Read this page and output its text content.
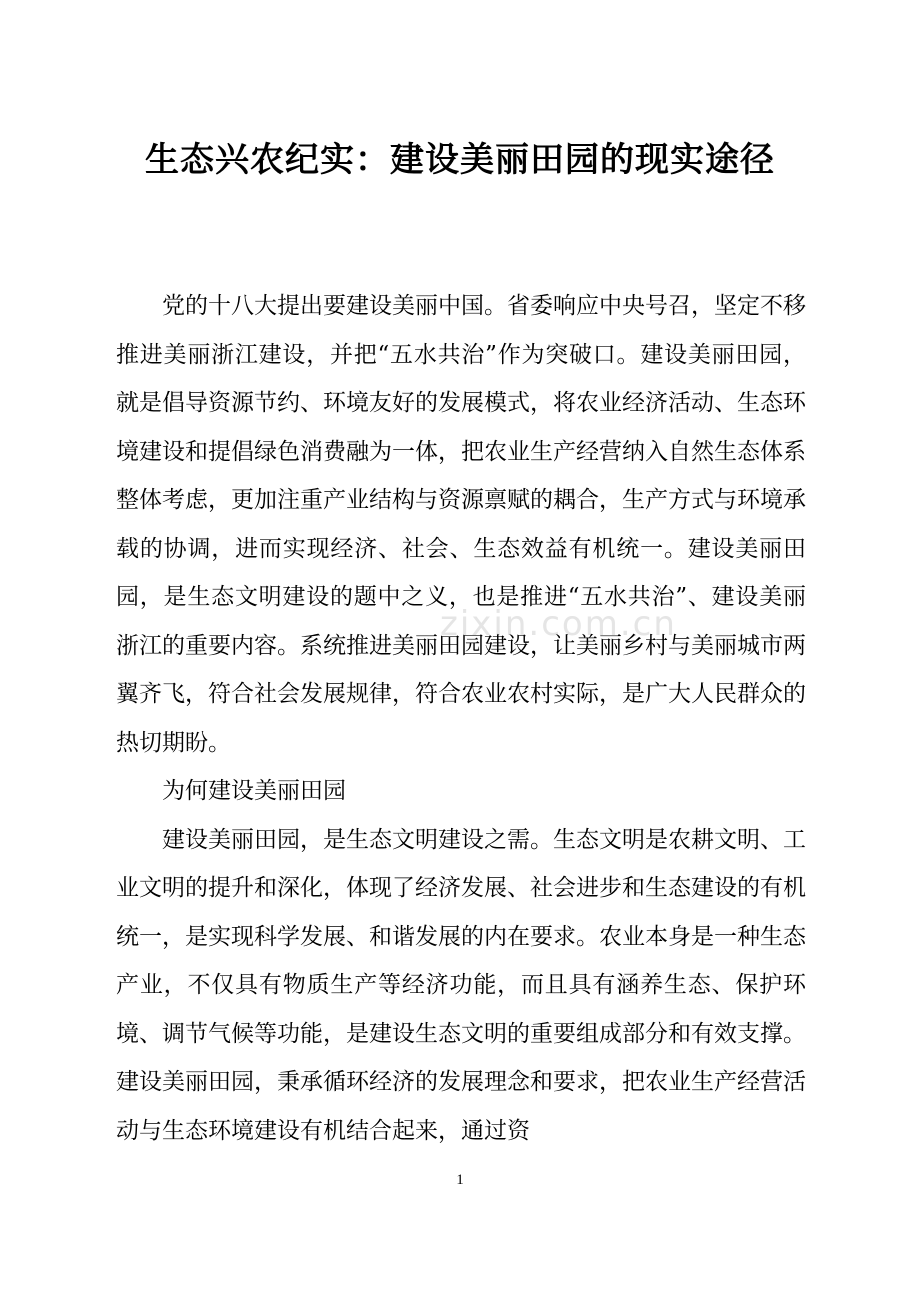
生态兴农纪实：建设美丽田园的现实途径

党的十八大提出要建设美丽中国。省委响应中央号召，坚定不移推进美丽浙江建设，并把“五水共治”作为突破口。建设美丽田园，就是倡导资源节约、环境友好的发展模式，将农业经济活动、生态环境建设和提倡绿色消费融为一体，把农业生产经营纳入自然生态体系整体考虑，更加注重产业结构与资源禀赋的耦合，生产方式与环境承载的协调，进而实现经济、社会、生态效益有机统一。建设美丽田园，是生态文明建设的题中之义，也是推进“五水共治”、建设美丽浙江的重要内容。系统推进美丽田园建设，让美丽乡村与美丽城市两翼齐飞，符合社会发展规律，符合农业农村实际，是广大人民群众的热切期盼。

为何建设美丽田园

建设美丽田园，是生态文明建设之需。生态文明是农耕文明、工业文明的提升和深化，体现了经济发展、社会进步和生态建设的有机统一，是实现科学发展、和谐发展的内在要求。农业本身是一种生态产业，不仅具有物质生产等经济功能，而且具有涵养生态、保护环境、调节气候等功能，是建设生态文明的重要组成部分和有效支撑。建设美丽田园，秉承循环经济的发展理念和要求，把农业生产经营活动与生态环境建设有机结合起来，通过资

zixin.com.cn
1
